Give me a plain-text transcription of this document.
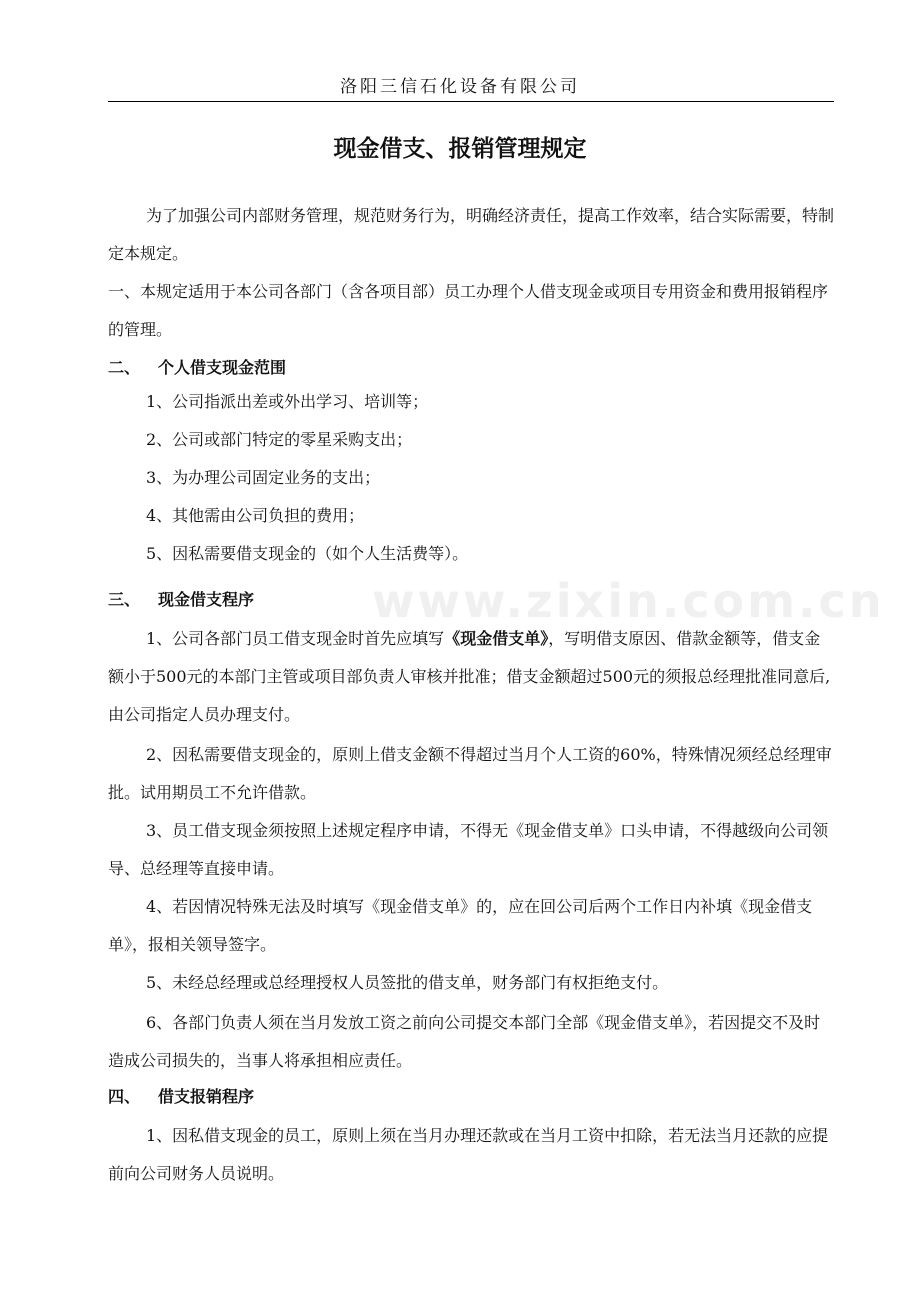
www.zixin.com.cn
洛阳三信石化设备有限公司
现金借支、报销管理规定

为了加强公司内部财务管理，规范财务行为，明确经济责任，提高工作效率，结合实际需要，特制定本规定。

一、本规定适用于本公司各部门（含各项目部）员工办理个人借支现金或项目专用资金和费用报销程序的管理。

二、 个人借支现金范围

1、公司指派出差或外出学习、培训等；

2、公司或部门特定的零星采购支出；

3、为办理公司固定业务的支出；

4、其他需由公司负担的费用；

5、因私需要借支现金的（如个人生活费等）。

三、 现金借支程序

1、公司各部门员工借支现金时首先应填写《现金借支单》，写明借支原因、借款金额等，借支金额小于500元的本部门主管或项目部负责人审核并批准；借支金额超过500元的须报总经理批准同意后,由公司指定人员办理支付。

2、因私需要借支现金的，原则上借支金额不得超过当月个人工资的60%，特殊情况须经总经理审批。试用期员工不允许借款。

3、员工借支现金须按照上述规定程序申请，不得无《现金借支单》口头申请，不得越级向公司领导、总经理等直接申请。

4、若因情况特殊无法及时填写《现金借支单》的，应在回公司后两个工作日内补填《现金借支单》，报相关领导签字。

5、未经总经理或总经理授权人员签批的借支单，财务部门有权拒绝支付。

6、各部门负责人须在当月发放工资之前向公司提交本部门全部《现金借支单》，若因提交不及时造成公司损失的，当事人将承担相应责任。

四、 借支报销程序

1、因私借支现金的员工，原则上须在当月办理还款或在当月工资中扣除，若无法当月还款的应提前向公司财务人员说明。
